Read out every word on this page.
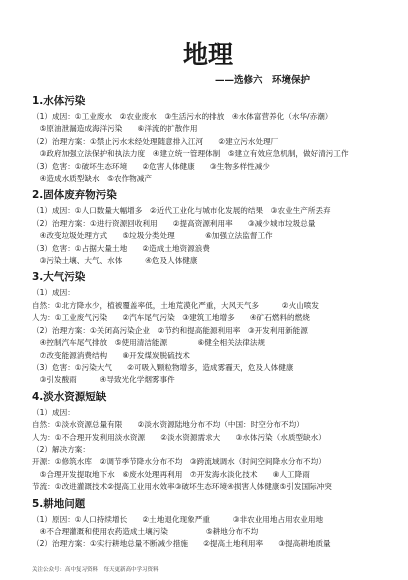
地理
——选修六　环境保护
1.水体污染
（1）成因：①工业废水　②农业废水　③生活污水的排放　④水体富营养化（水华/赤潮）
　⑤原油泄漏造成海洋污染　　⑥洋流的扩散作用
（2）治理方案：①禁止污水未经处理随意排入江河　　②建立污水处理厂
　③政府加强立法保护和执法力度　④建立统一管理体制　⑤建立有效应急机制，做好清污工作
（3）危害：①破坏生态环境　　②危害人体健康　　③生物多样性减少
　④造成水质型缺水　⑤农作物减产
2.固体废弃物污染
（1）成因：①人口数量大幅增多　②近代工业化与城市化发展的结果　③农业生产所丢弃
（2）治理方案：①进行资源回收利用　　②提高资源利用率　　③减少城市垃圾总量
　④改变垃圾处理方式　　⑤垃圾分类处理　　　　⑥加强立法监督工作
（3）危害：①占据大量土地　　②造成土地资源浪费
　③污染土壤、大气、水体　　　④危及人体健康
3.大气污染
（1）成因：
自然：①北方降水少，植被覆盖率低，土地荒漠化严重，大风天气多　　　②火山喷发
人为：①工业废气污染　　②汽车尾气污染　③建筑工地增多　　④矿石燃料的燃烧
（2）治理方案：①关闭高污染企业　②节约和提高能源利用率　③开发利用新能源
　④控制汽车尾气排放　⑤使用清洁能源　　　　⑥健全相关法律法规
　⑦改变能源消费结构　　⑧开发煤炭脱硫技术
（3）危害：①污染大气　　②可吸入颗粒物增多，造成雾霾天，危及人体健康
　③引发酸雨　　　④导致光化学烟雾事件
4.淡水资源短缺
（1）成因：
自然：①淡水资源总量有限　　②淡水资源陆地分布不均（中国：时空分布不均）
人为：①不合理开发利用淡水资源　　②淡水资源需求大　　③水体污染（水质型缺水）
（2）解决方案：
开源：①修筑水库　②调节季节降水分布不均　③跨流域调水（时间空间降水分布不均）
　⑤合理开发提取地下水　⑥废水处理再利用　⑦开发海水淡化技术　　⑧人工降雨
节流：①改进灌溉技术②提高工业用水效率③破坏生态环境④损害人体健康⑤引发国际冲突
5.耕地问题
（1）原因：①人口持续增长　　②土地退化现象严重　　　③非农业用地占用农业用地
　④不合理灌溉和使用农药造成土壤污染　　　　　⑤耕地分布不均
（2）治理方案：①实行耕地总量不断减少措施　　②提高土地利用率　　③提高耕地质量
关注公众号：高中复习资料　每天更新高中学习资料
